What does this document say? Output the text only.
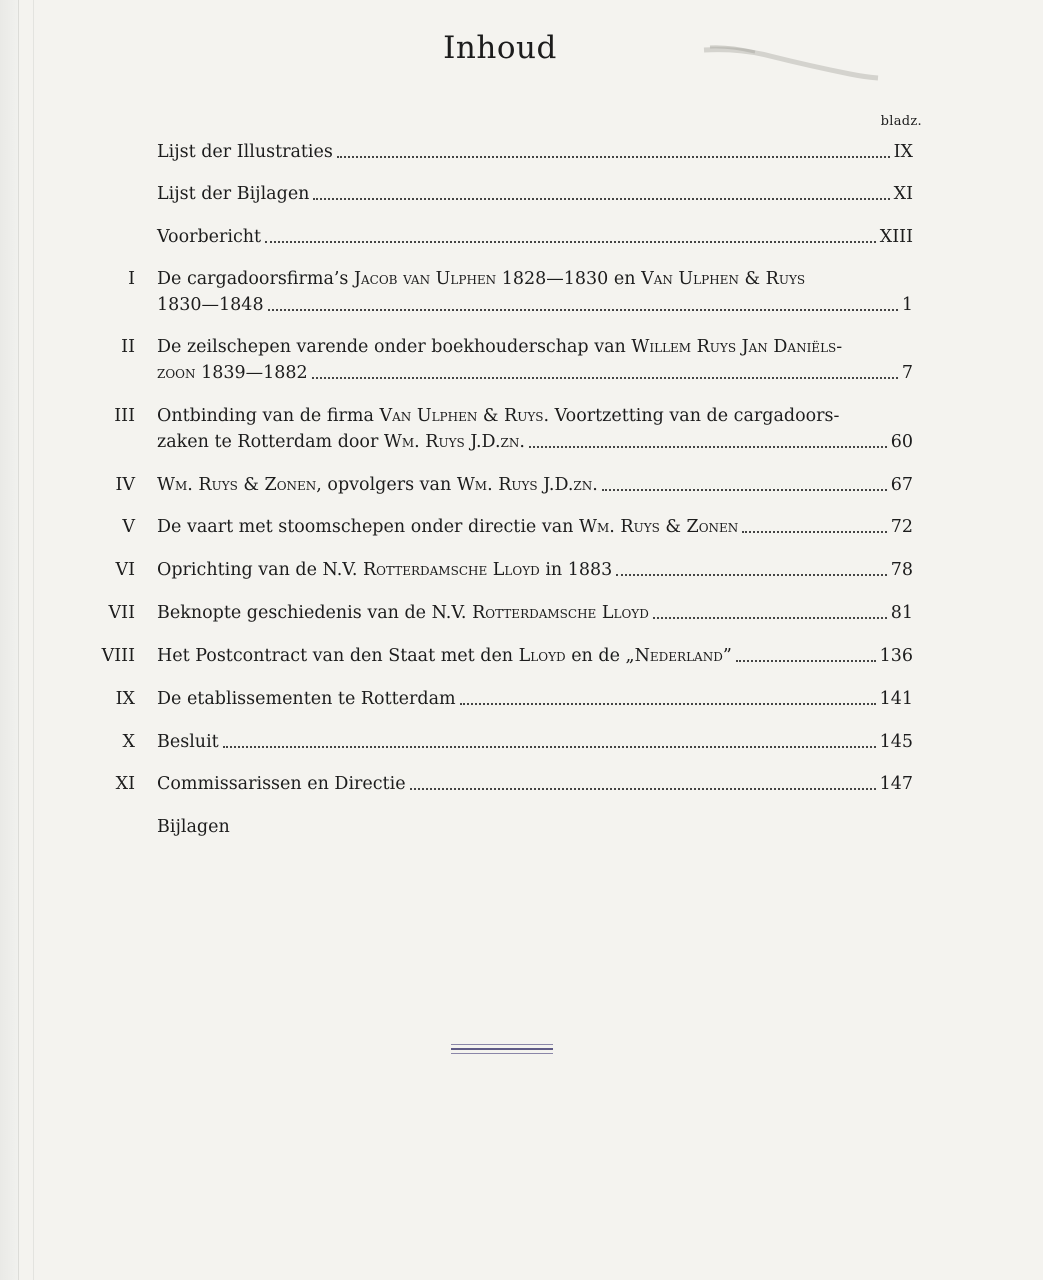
Inhoud
bladz.
Lijst der Illustraties	IX
Lijst der Bijlagen	XI
Voorbericht	XIII
I De cargadoorsfirma’s Jacob van Ulphen 1828—1830 en Van Ulphen & Ruys
1830—1848	1
II De zeilschepen varende onder boekhouderschap van Willem Ruys Jan Daniëls-
zoon 1839—1882	7
III Ontbinding van de firma Van Ulphen & Ruys. Voortzetting van de cargadoors-
zaken te Rotterdam door Wm. Ruys J.D.zn.	60
IV Wm. Ruys & Zonen, opvolgers van Wm. Ruys J.D.zn.	67
V De vaart met stoomschepen onder directie van Wm. Ruys & Zonen	72
VI Oprichting van de N.V. Rotterdamsche Lloyd in 1883	78
VII Beknopte geschiedenis van de N.V. Rotterdamsche Lloyd	81
VIII Het Postcontract van den Staat met den Lloyd en de „Nederland”	136
IX De etablissementen te Rotterdam	141
X Besluit	145
XI Commissarissen en Directie	147
Bijlagen
